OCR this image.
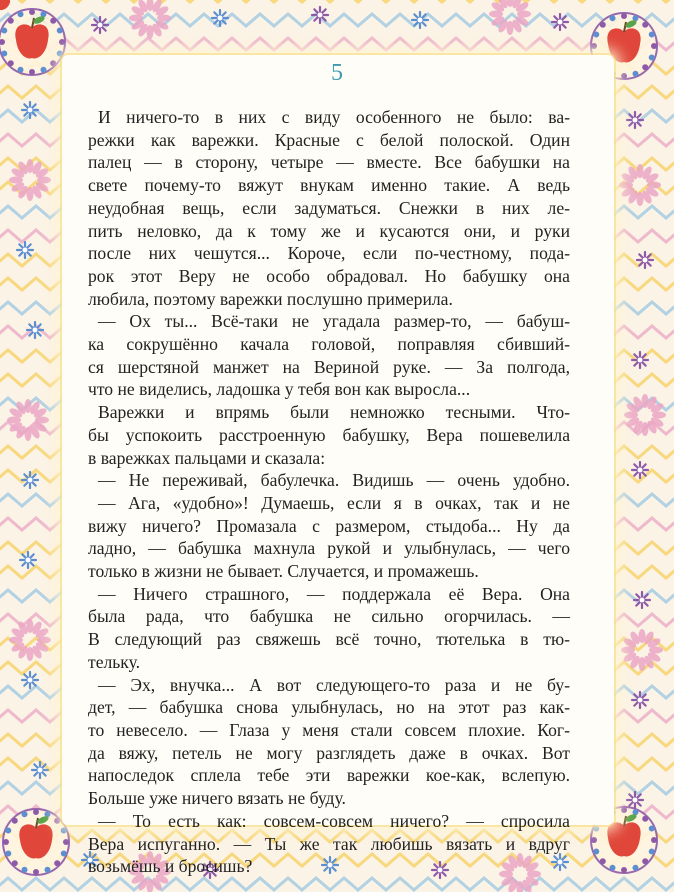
5
И ничего-то в них с виду особенного не было: ва-
режки как варежки. Красные с белой полоской. Один
палец — в сторону, четыре — вместе. Все бабушки на
свете почему-то вяжут внукам именно такие. А ведь
неудобная вещь, если задуматься. Снежки в них ле-
пить неловко, да к тому же и кусаются они, и руки
после них чешутся... Короче, если по-честному, пода-
рок этот Веру не особо обрадовал. Но бабушку она
любила, поэтому варежки послушно примерила.
— Ох ты... Всё-таки не угадала размер-то, — бабуш-
ка сокрушённо качала головой, поправляя сбивший-
ся шерстяной манжет на Вериной руке. — За полгода,
что не виделись, ладошка у тебя вон как выросла...
Варежки и впрямь были немножко тесными. Что-
бы успокоить расстроенную бабушку, Вера пошевелила
в варежках пальцами и сказала:
— Не переживай, бабулечка. Видишь — очень удобно.
— Ага, «удобно»! Думаешь, если я в очках, так и не
вижу ничего? Промазала с размером, стыдоба... Ну да
ладно, — бабушка махнула рукой и улыбнулась, — чего
только в жизни не бывает. Случается, и промажешь.
— Ничего страшного, — поддержала её Вера. Она
была рада, что бабушка не сильно огорчилась. —
В следующий раз свяжешь всё точно, тютелька в тю-
тельку.
— Эх, внучка... А вот следующего-то раза и не бу-
дет, — бабушка снова улыбнулась, но на этот раз как-
то невесело. — Глаза у меня стали совсем плохие. Ког-
да вяжу, петель не могу разглядеть даже в очках. Вот
напоследок сплела тебе эти варежки кое-как, вслепую.
Больше уже ничего вязать не буду.
— То есть как: совсем-совсем ничего? — спросила
Вера испуганно. — Ты же так любишь вязать и вдруг
возьмёшь и бросишь?
